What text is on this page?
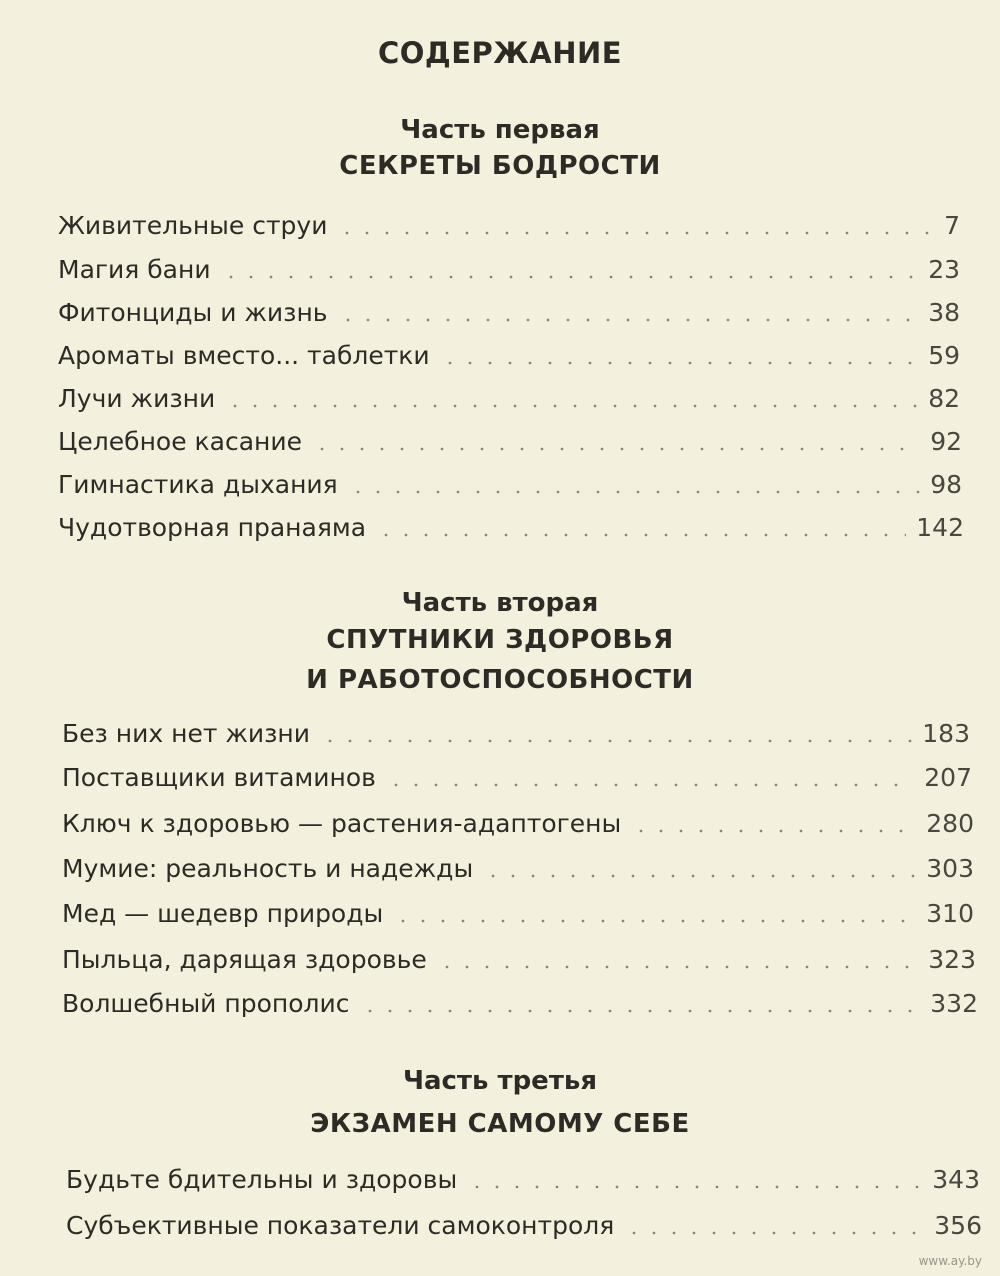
СОДЕРЖАНИЕ
Часть первая
СЕКРЕТЫ БОДРОСТИ
Живительные струи	7
Магия бани	23
Фитонциды и жизнь	38
Ароматы вместо... таблетки	59
Лучи жизни	82
Целебное касание	92
Гимнастика дыхания	98
Чудотворная пранаяма	142
Часть вторая
СПУТНИКИ ЗДОРОВЬЯ
И РАБОТОСПОСОБНОСТИ
Без них нет жизни	183
Поставщики витаминов	207
Ключ к здоровью — растения-адаптогены	280
Мумие: реальность и надежды	303
Мед — шедевр природы	310
Пыльца, дарящая здоровье	323
Волшебный прополис	332
Часть третья
ЭКЗАМЕН САМОМУ СЕБЕ
Будьте бдительны и здоровы	343
Субъективные показатели самоконтроля	356
www.ay.by
